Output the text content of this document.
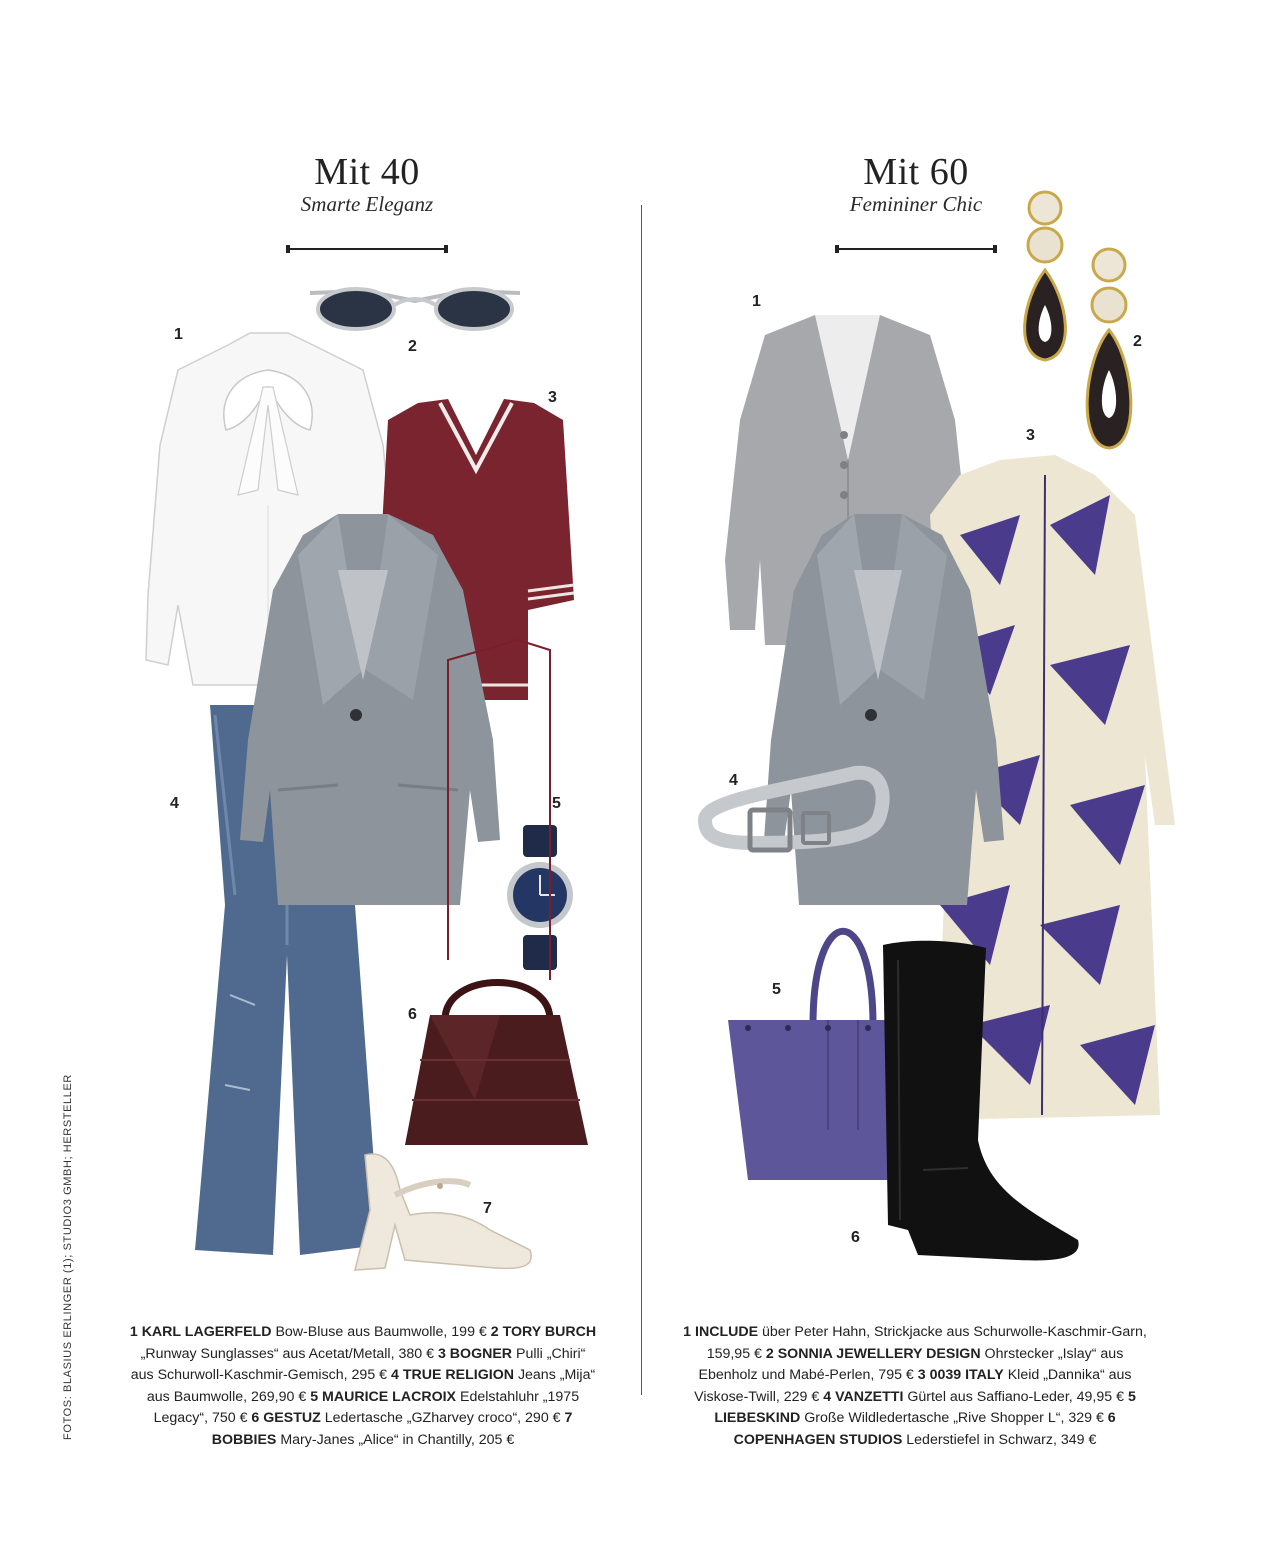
Mit 40
Smarte Eleganz
Mit 60
Femininer Chic
1
2
3
4	5
6
7
1
2
3
4
5
6
FOTOS: BLASIUS ERLINGER (1); STUDIO3 GMBH; HERSTELLER	1 KARL LAGERFELD Bow-Bluse aus Baumwolle, 199 € 2 TORY BURCH „Runway Sunglasses“ aus Acetat/Metall, 380 € 3 BOGNER Pulli „Chiri“ aus Schurwoll-Kaschmir-Gemisch, 295 € 4 TRUE RELIGION Jeans „Mija“ aus Baumwolle, 269,90 € 5 MAURICE LACROIX Edelstahluhr „1975 Legacy“, 750 € 6 GESTUZ Ledertasche „GZharvey croco“, 290 € 7 BOBBIES Mary-Janes „Alice“ in Chantilly, 205 €
1 INCLUDE über Peter Hahn, Strickjacke aus Schurwolle-Kaschmir-Garn, 159,95 € 2 SONNIA JEWELLERY DESIGN Ohrstecker „Islay“ aus Ebenholz und Mabé-Perlen, 795 € 3 0039 ITALY Kleid „Dannika“ aus Viskose-Twill, 229 € 4 VANZETTI Gürtel aus Saffiano-Leder, 49,95 € 5 LIEBESKIND Große Wildledertasche „Rive Shopper L“, 329 € 6 COPENHAGEN STUDIOS Lederstiefel in Schwarz, 349 €
